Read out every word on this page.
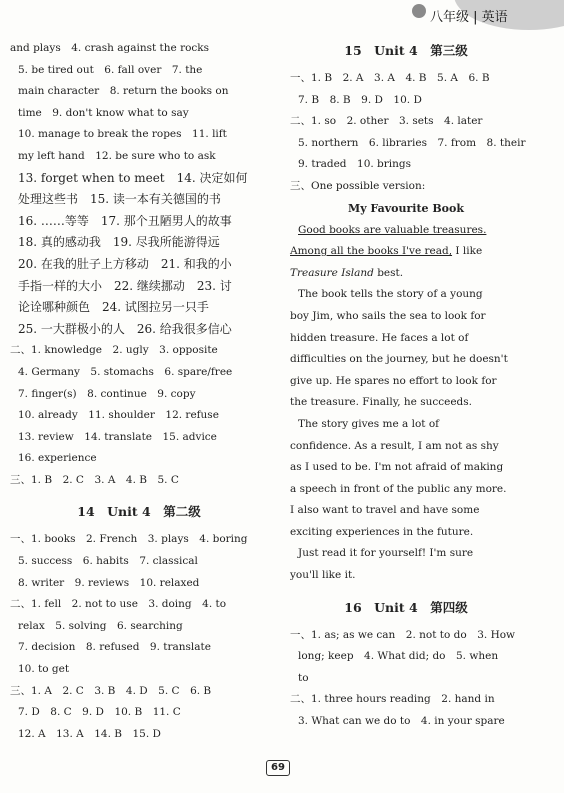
八年级 | 英语
and plays　4. crash against the rocks
5. be tired out　6. fall over　7. the
main character　8. return the books on
time　9. don't know what to say
10. manage to break the ropes　11. lift
my left hand　12. be sure who to ask
13. forget when to meet　14. 决定如何
处理这些书　15. 读一本有关德国的书
16. ……等等　17. 那个丑陋男人的故事
18. 真的感动我　19. 尽我所能游得远
20. 在我的肚子上方移动　21. 和我的小
手指一样的大小　22. 继续挪动　23. 讨
论诠哪种颜色　24. 试图拉另一只手
25. 一大群极小的人　26. 给我很多信心
二、1. knowledge　2. ugly　3. opposite
4. Germany　5. stomachs　6. spare/free
7. finger(s)　8. continue　9. copy
10. already　11. shoulder　12. refuse
13. review　14. translate　15. advice
16. experience
三、1. B　2. C　3. A　4. B　5. C
14　Unit 4　第二级
一、1. books　2. French　3. plays　4. boring
5. success　6. habits　7. classical
8. writer　9. reviews　10. relaxed
二、1. fell　2. not to use　3. doing　4. to
relax　5. solving　6. searching
7. decision　8. refused　9. translate
10. to get
三、1. A　2. C　3. B　4. D　5. C　6. B
7. D　8. C　9. D　10. B　11. C
12. A　13. A　14. B　15. D
15　Unit 4　第三级
一、1. B　2. A　3. A　4. B　5. A　6. B
7. B　8. B　9. D　10. D
二、1. so　2. other　3. sets　4. later
5. northern　6. libraries　7. from　8. their
9. traded　10. brings
三、One possible version:
My Favourite Book
Good books are valuable treasures.
Among all the books I've read, I like
Treasure Island best.
The book tells the story of a young
boy Jim, who sails the sea to look for
hidden treasure. He faces a lot of
difficulties on the journey, but he doesn't
give up. He spares no effort to look for
the treasure. Finally, he succeeds.
The story gives me a lot of
confidence. As a result, I am not as shy
as I used to be. I'm not afraid of making
a speech in front of the public any more.
I also want to travel and have some
exciting experiences in the future.
Just read it for yourself! I'm sure
you'll like it.
16　Unit 4　第四级
一、1. as; as we can　2. not to do　3. How
long; keep　4. What did; do　5. when
to
二、1. three hours reading　2. hand in
3. What can we do to　4. in your spare
69
